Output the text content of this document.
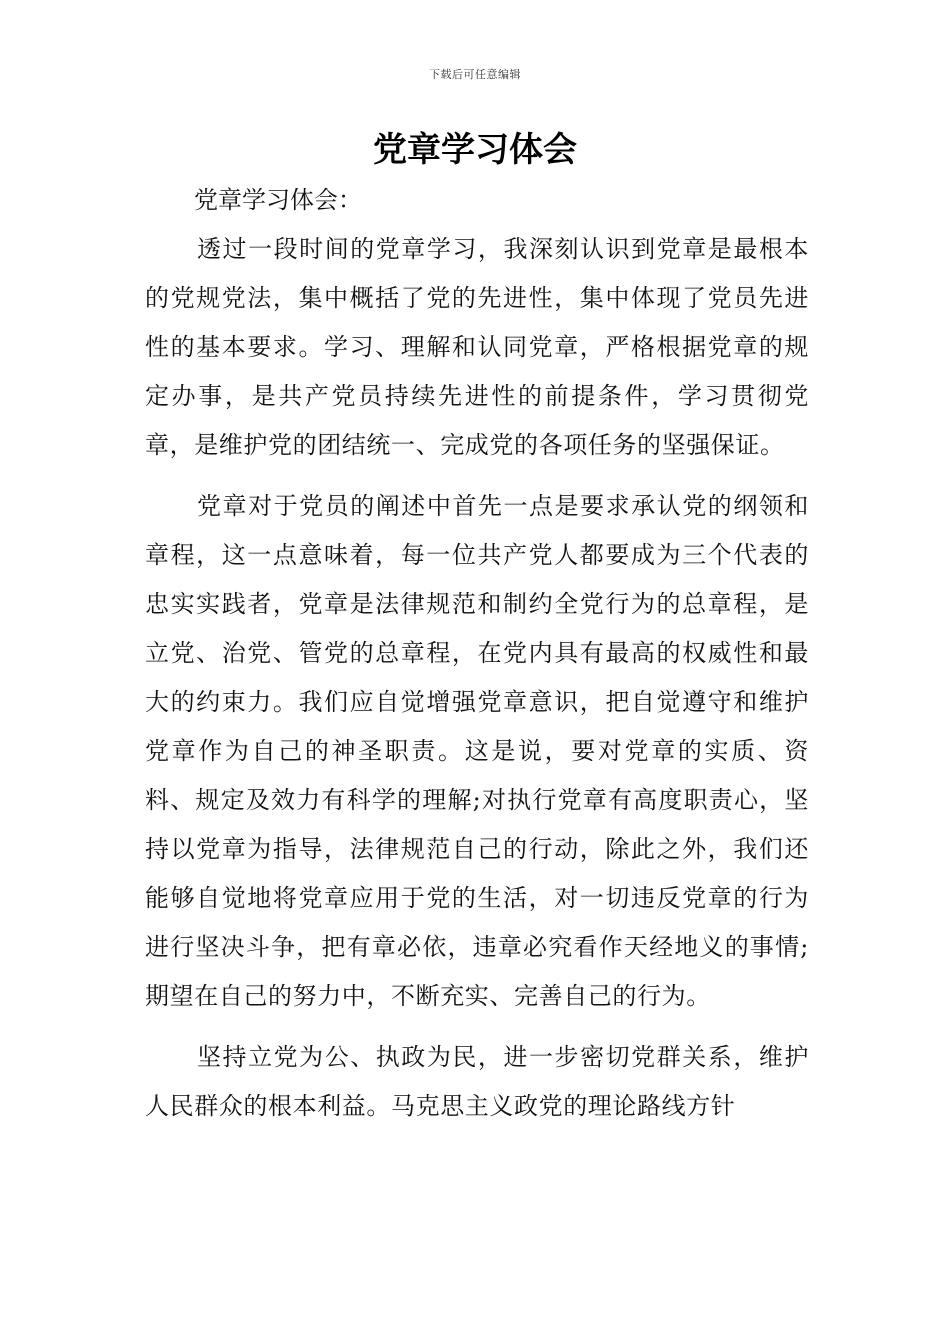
下载后可任意编辑
党章学习体会

党章学习体会：

透过一段时间的党章学习，我深刻认识到党章是最根本的党规党法，集中概括了党的先进性，集中体现了党员先进性的基本要求。学习、理解和认同党章，严格根据党章的规定办事，是共产党员持续先进性的前提条件，学习贯彻党章，是维护党的团结统一、完成党的各项任务的坚强保证。

党章对于党员的阐述中首先一点是要求承认党的纲领和章程，这一点意味着，每一位共产党人都要成为三个代表的忠实实践者，党章是法律规范和制约全党行为的总章程，是立党、治党、管党的总章程，在党内具有最高的权威性和最大的约束力。我们应自觉增强党章意识，把自觉遵守和维护党章作为自己的神圣职责。这是说，要对党章的实质、资料、规定及效力有科学的理解;对执行党章有高度职责心，坚持以党章为指导，法律规范自己的行动，除此之外，我们还能够自觉地将党章应用于党的生活，对一切违反党章的行为进行坚决斗争，把有章必依，违章必究看作天经地义的事情;期望在自己的努力中，不断充实、完善自己的行为。

坚持立党为公、执政为民，进一步密切党群关系，维护人民群众的根本利益。马克思主义政党的理论路线方针
